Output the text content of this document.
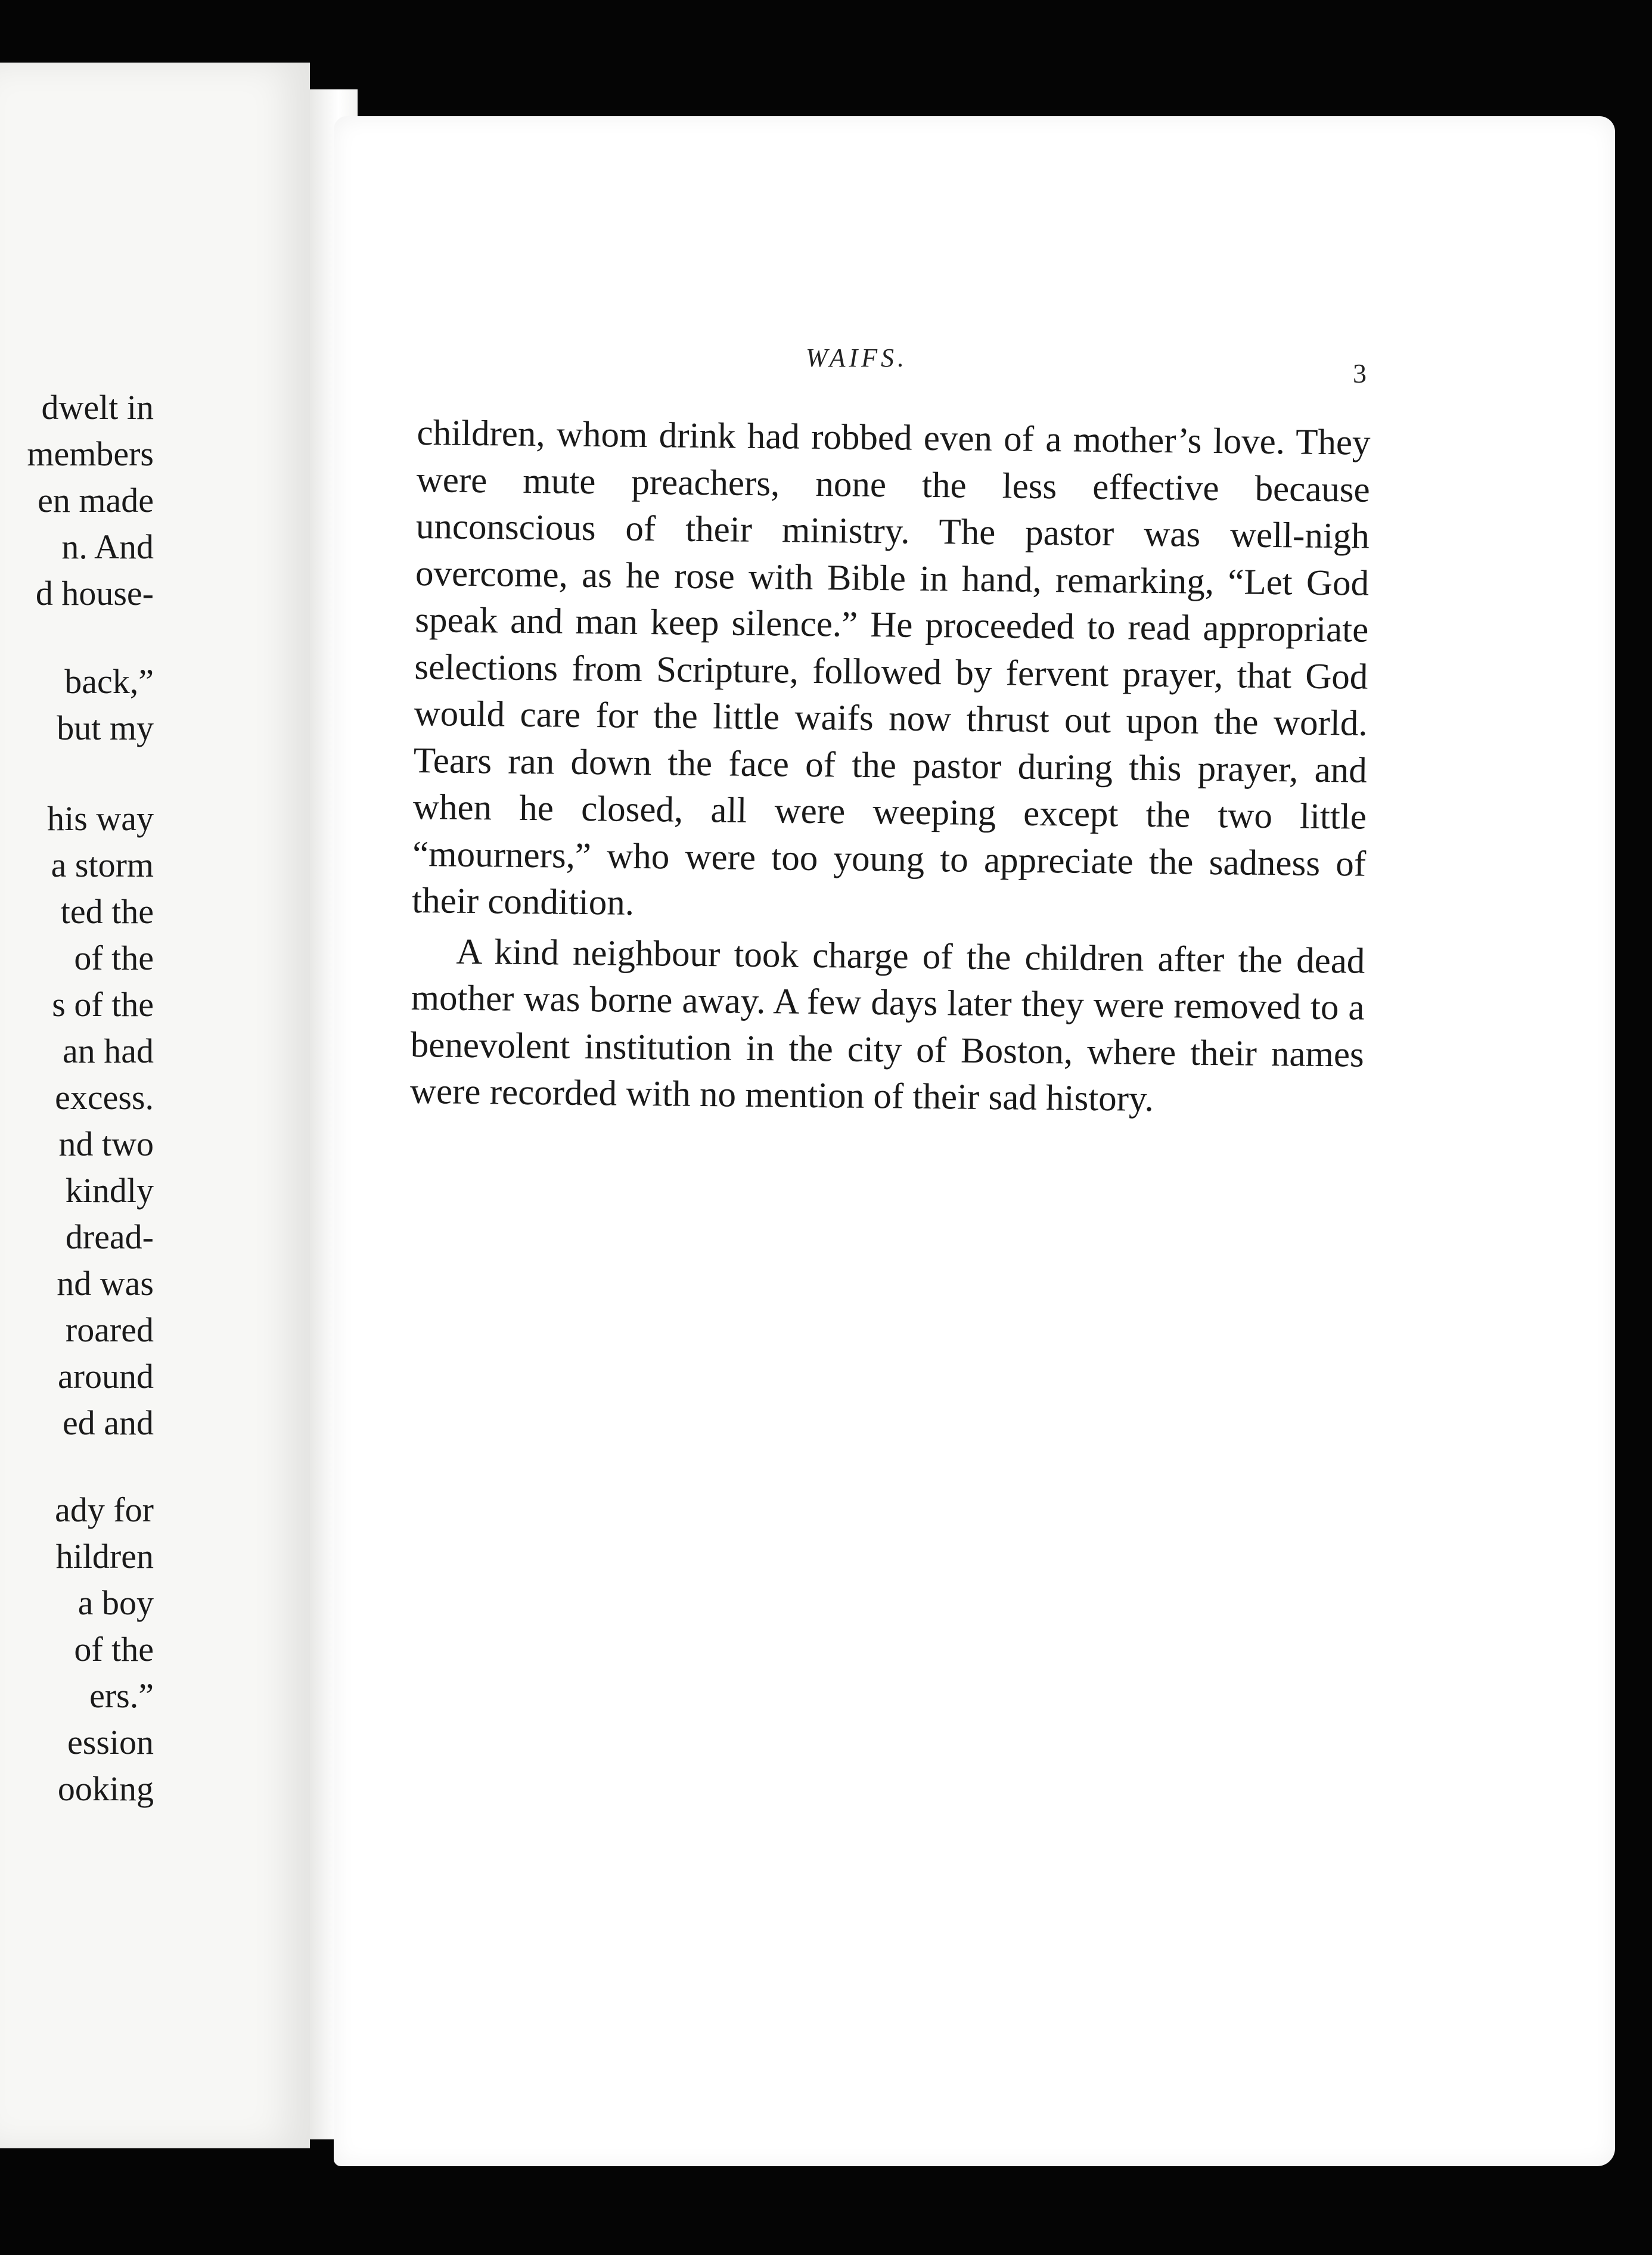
dwelt in

members

en made

n. And

d house-

back,”

but my

his way

a storm

ted the

of the

s of the

an had

excess.

nd two

kindly

dread-

nd was

roared

around

ed and

ady for

hildren

a boy

of the

ers.”

ession

ooking

WAIFS.

3

children, whom drink had robbed even of a mother’s love. They were mute preachers, none the less effective because unconscious of their ministry. The pastor was well-nigh overcome, as he rose with Bible in hand, remarking, “Let God speak and man keep silence.” He proceeded to read appropriate selections from Scripture, followed by fervent prayer, that God would care for the little waifs now thrust out upon the world. Tears ran down the face of the pastor during this prayer, and when he closed, all were weeping except the two little “mourners,” who were too young to appreciate the sadness of their condition.

A kind neighbour took charge of the children after the dead mother was borne away. A few days later they were removed to a benevolent institution in the city of Boston, where their names were recorded with no mention of their sad history.
